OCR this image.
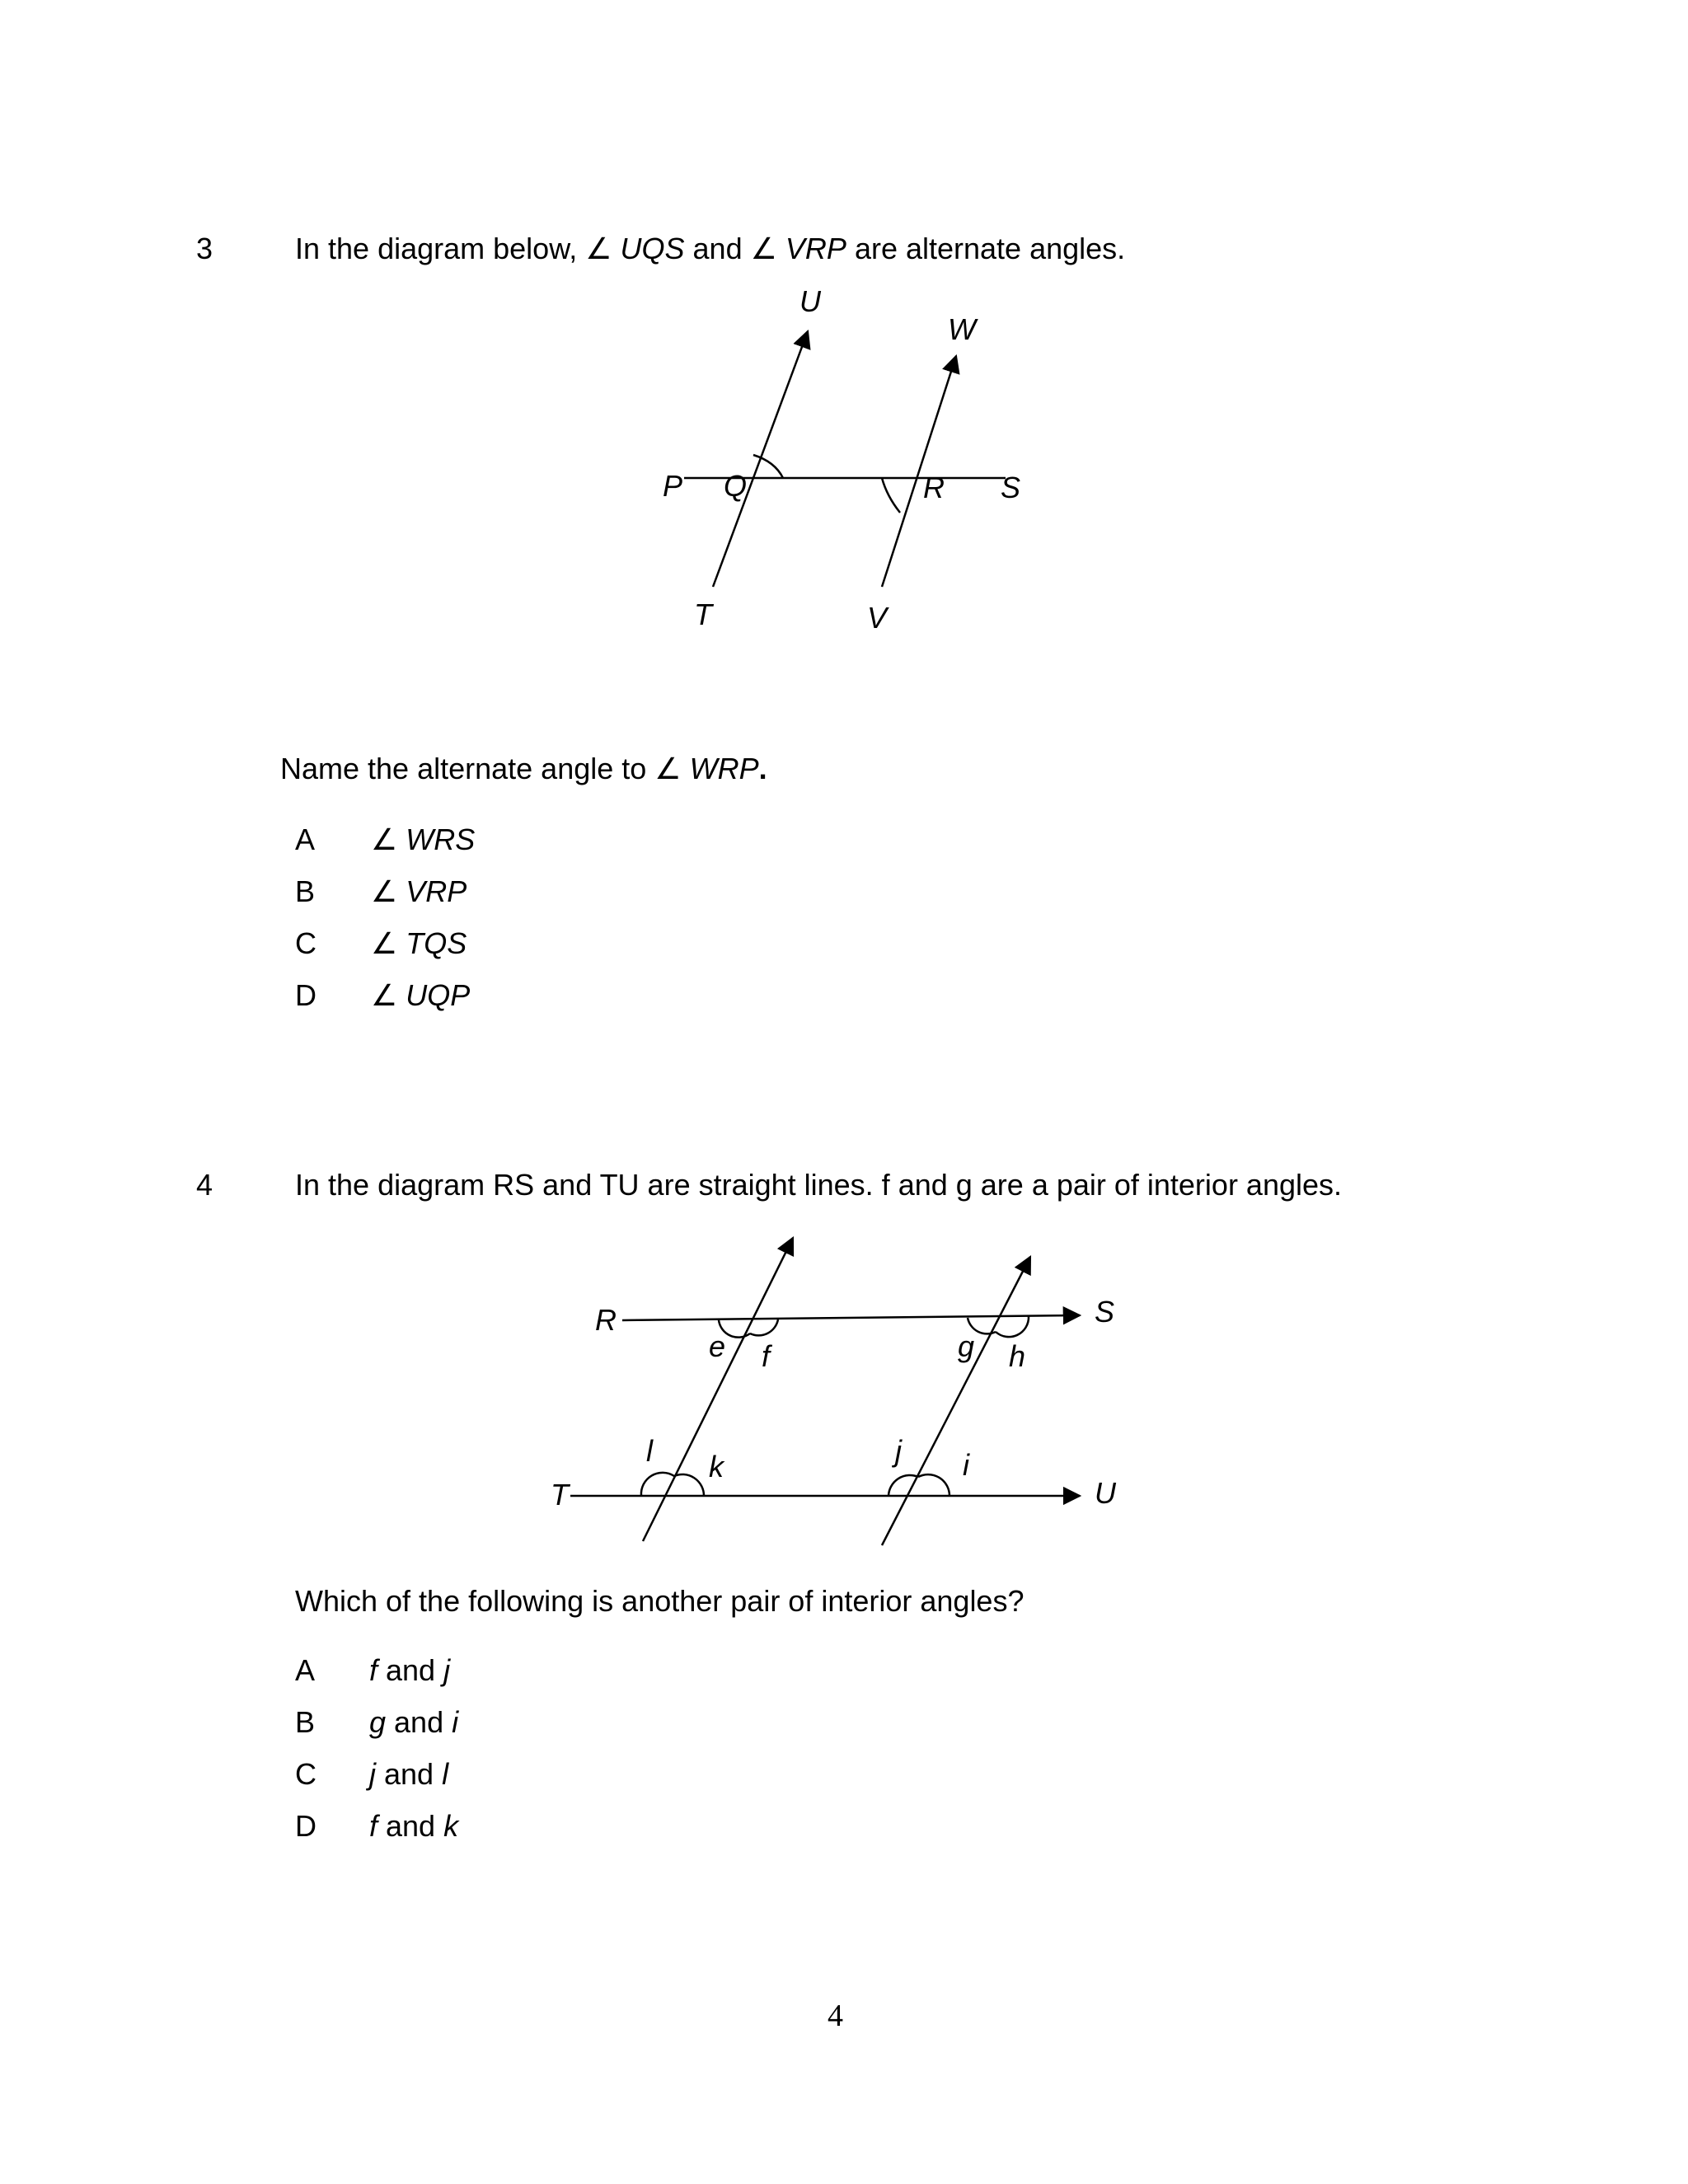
3	In the diagram below, ∠ UQS and ∠ VRP are alternate angles.
U
W
P Q	R S
T	V
Name the alternate angle to ∠ WRP.
A ∠ WRS
B ∠ VRP
C ∠ TQS
D ∠ UQP
4	In the diagram RS and TU are straight lines. f and g are a pair of interior angles.
R	S
T	U
e f	g h
l k	j i
Which of the following is another pair of interior angles?
A f and j
B g and i
C j and l
D f and k
4
